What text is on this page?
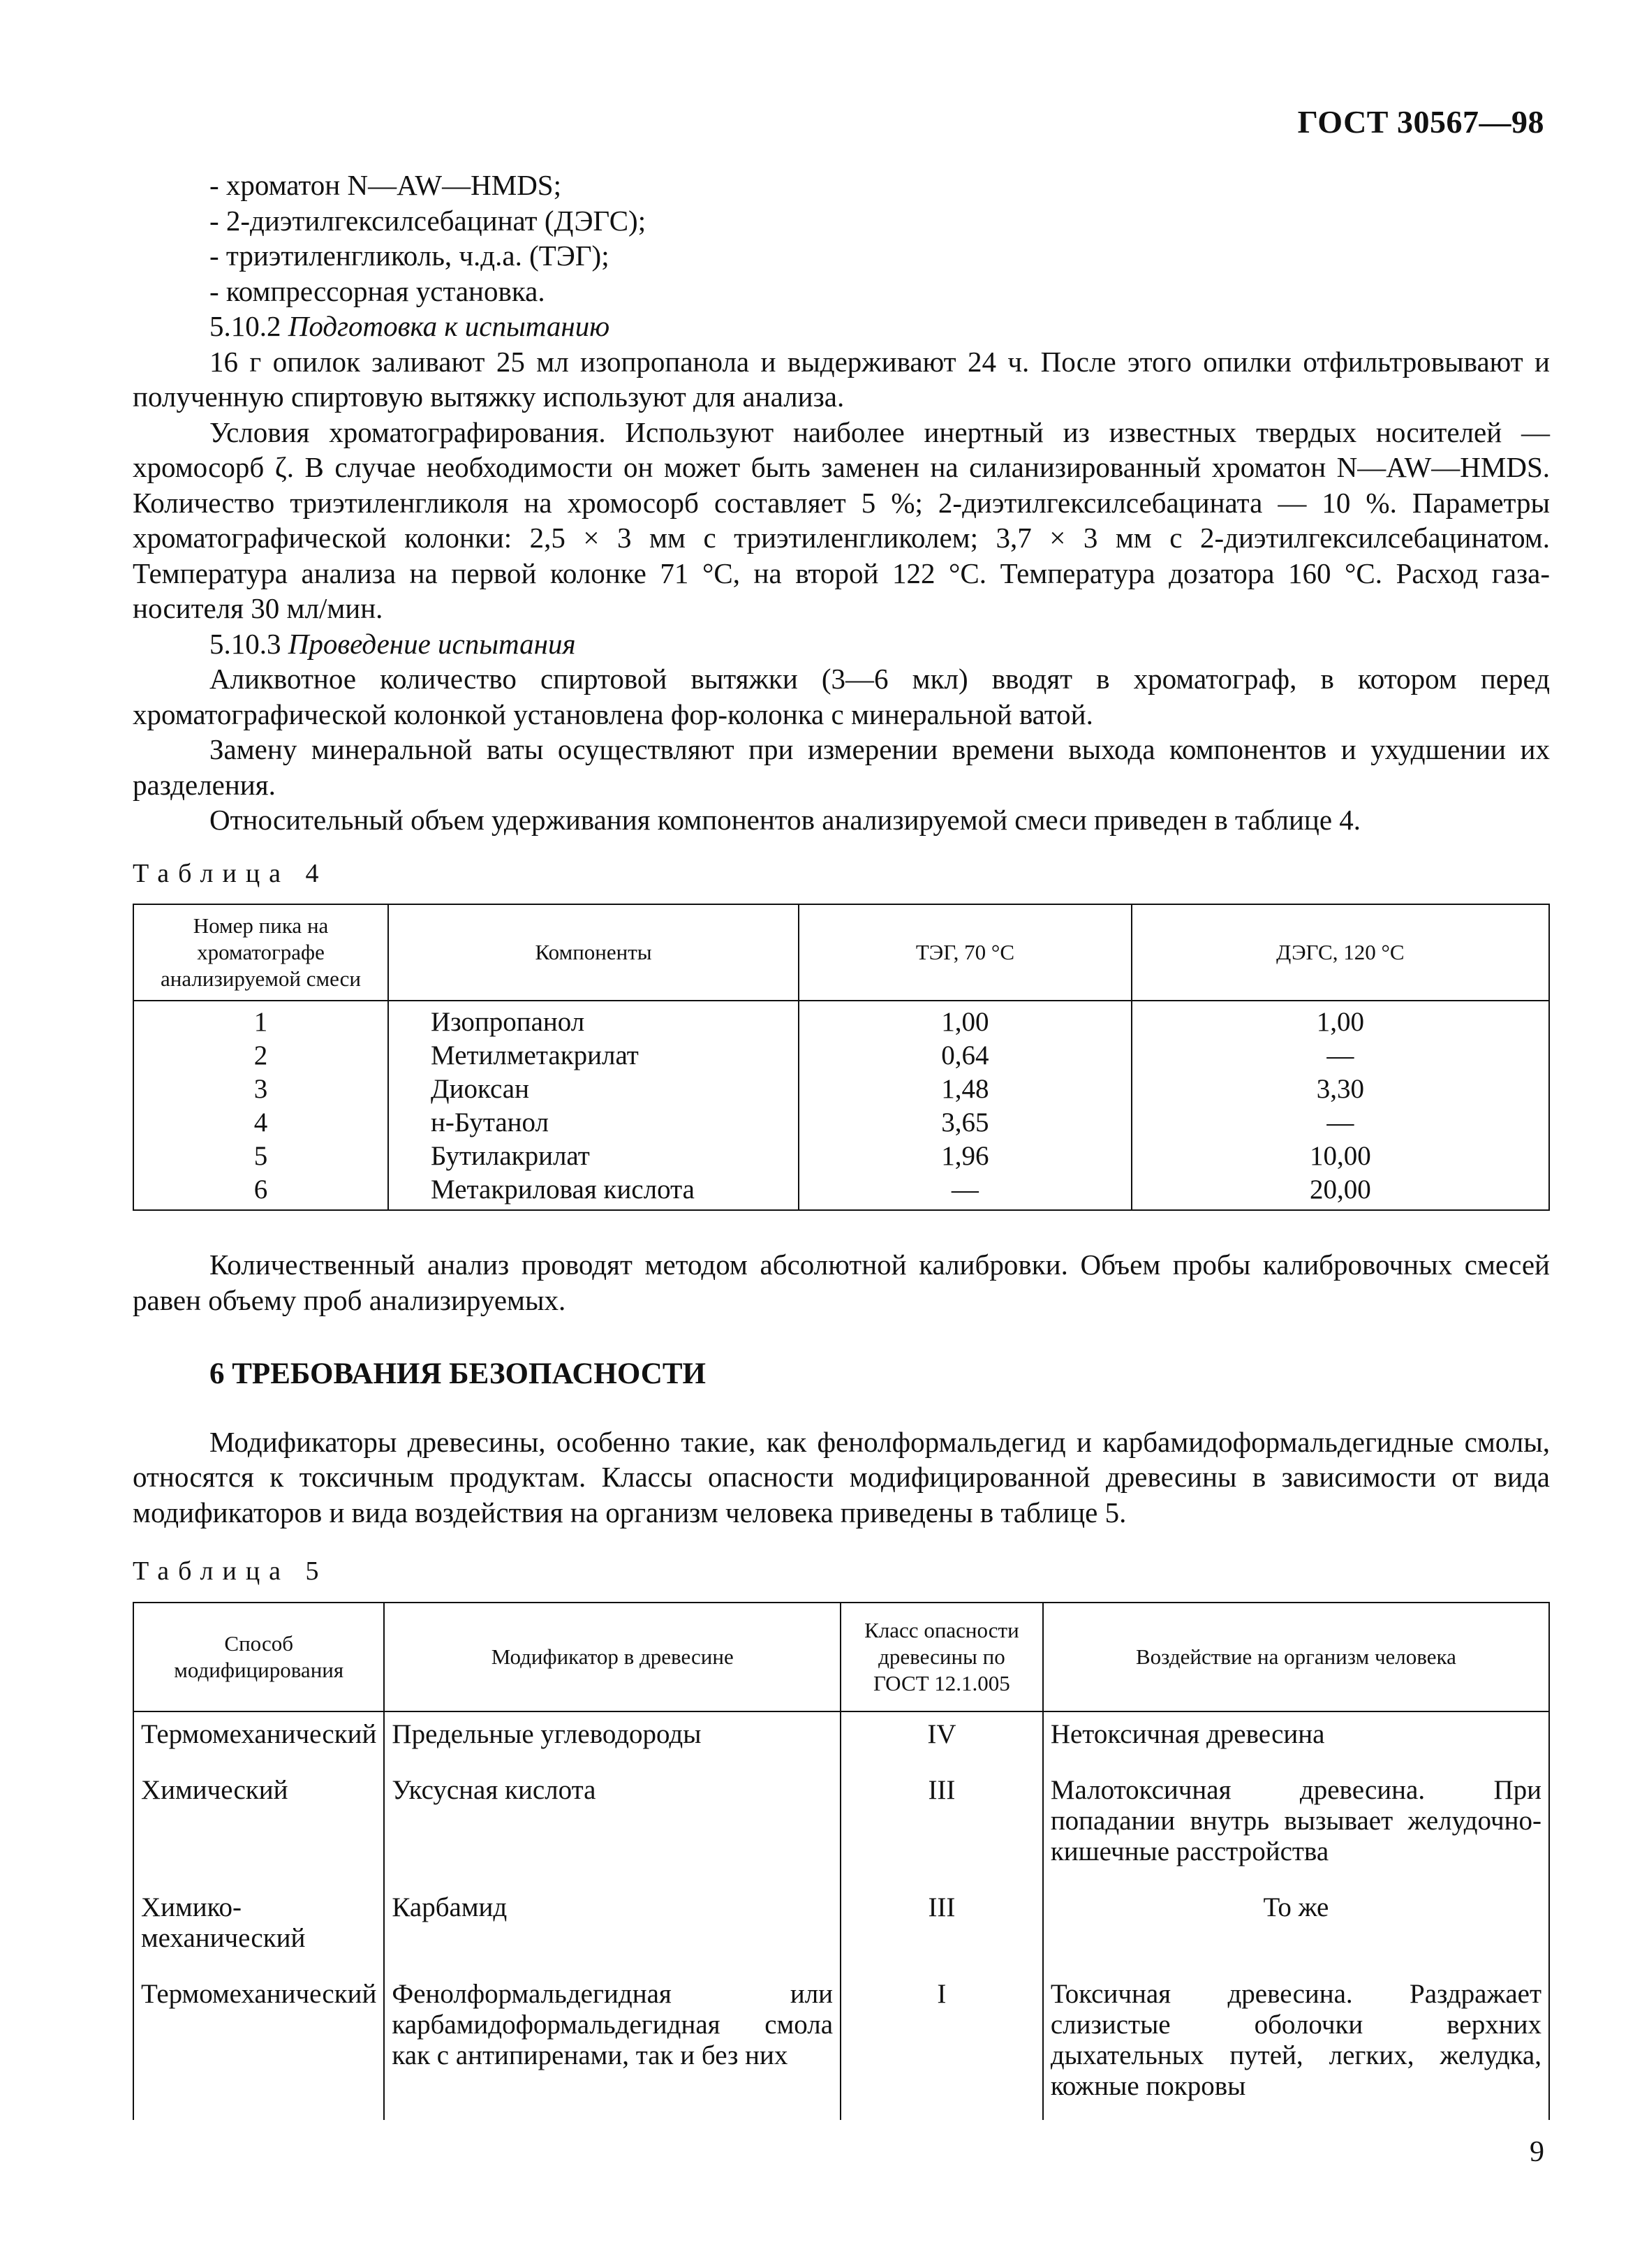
ГОСТ 30567—98
- хроматон N—AW—HMDS;
- 2-диэтилгексилсебацинат (ДЭГС);
- триэтиленгликоль, ч.д.а. (ТЭГ);
- компрессорная установка.
5.10.2 Подготовка к испытанию
16 г опилок заливают 25 мл изопропанола и выдерживают 24 ч. После этого опилки отфильтровывают и полученную спиртовую вытяжку используют для анализа.
Условия хроматографирования. Используют наиболее инертный из известных твердых носителей — хромосорб ζ. В случае необходимости он может быть заменен на силанизированный хроматон N—AW—HMDS. Количество триэтиленгликоля на хромосорб составляет 5 %; 2-диэтилгексилсебацината — 10 %. Параметры хроматографической колонки: 2,5 × 3 мм с триэтиленгликолем; 3,7 × 3 мм с 2-диэтилгексилсебацинатом. Температура анализа на первой колонке 71 °С, на второй 122 °С. Температура дозатора 160 °С. Расход газа-носителя 30 мл/мин.
5.10.3 Проведение испытания
Аликвотное количество спиртовой вытяжки (3—6 мкл) вводят в хроматограф, в котором перед хроматографической колонкой установлена фор-колонка с минеральной ватой.
Замену минеральной ваты осуществляют при измерении времени выхода компонентов и ухудшении их разделения.
Относительный объем удерживания компонентов анализируемой смеси приведен в таблице 4.
Таблица 4
Номер пика на хроматографе анализируемой смеси	Компоненты	ТЭГ, 70 °С	ДЭГС, 120 °С
1	Изопропанол	1,00	1,00
2	Метилметакрилат	0,64	—
3	Диоксан	1,48	3,30
4	н-Бутанол	3,65	—
5	Бутилакрилат	1,96	10,00
6	Метакриловая кислота	—	20,00
Количественный анализ проводят методом абсолютной калибровки. Объем пробы калибровочных смесей равен объему проб анализируемых.
6 ТРЕБОВАНИЯ БЕЗОПАСНОСТИ
Модификаторы древесины, особенно такие, как фенолформальдегид и карбамидоформальдегидные смолы, относятся к токсичным продуктам. Классы опасности модифицированной древесины в зависимости от вида модификаторов и вида воздействия на организм человека приведены в таблице 5.
Таблица 5
Способ модифицирования	Модификатор в древесине	Класс опасности древесины по ГОСТ 12.1.005	Воздействие на организм человека
Термомеханический	Предельные углеводороды	IV	Нетоксичная древесина
Химический	Уксусная кислота	III	Малотоксичная древесина. При попадании внутрь вызывает желудочно-кишечные расстройства
Химико-механический	Карбамид	III	То же
Термомеханический	Фенолформальдегидная или карбамидоформальдегидная смола как с антипиренами, так и без них	I	Токсичная древесина. Раздражает слизистые оболочки верхних дыхательных путей, легких, желудка, кожные покровы
9
